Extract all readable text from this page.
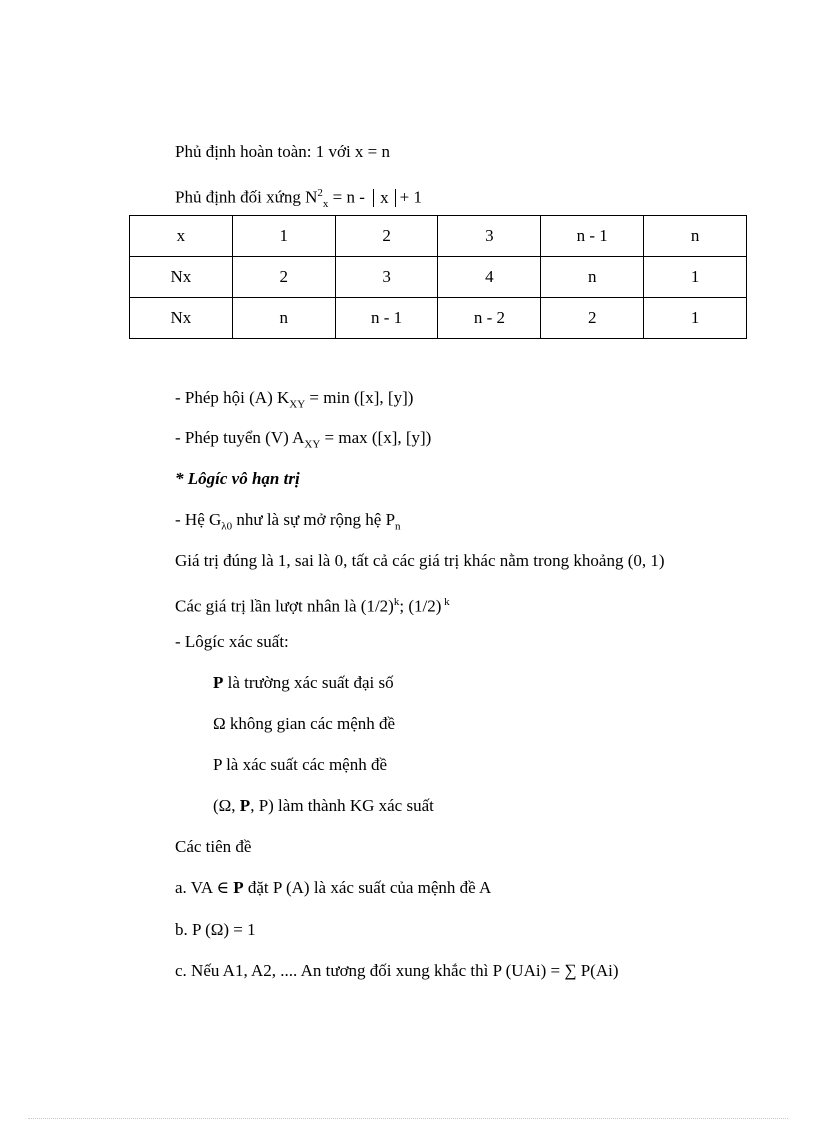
Phủ định hoàn toàn: 1 với x = n
Phủ định đối xứng $N^2_x = n - x + 1$
x	1	2	3	n - 1	n
Nx	2	3	4	n	1
Nx	n	n - 1	n - 2	2	1
- Phép hội (A) $K_{XY} = \min ([x]$, [y])
- Phép tuyển (V) $A_{XY} = \max ([x]$, [y])
* Lôgíc vô hạn trị
- Hệ $G_{\lambda 0}$ như là sự mở rộng hệ $P_n$
Giá trị đúng là 1, sai là 0, tất cả các giá trị khác nằm trong khoảng (0, 1)
Các giá trị lần lượt nhân là $(1/2)^k$; (1/2) $^k$
- Lôgíc xác suất:
P là trường xác suất đại số
Ω không gian các mệnh đề
P là xác suất các mệnh đề
(Ω, P, P) làm thành KG xác suất
Các tiên đề
a. VA ∈ P đặt P (A) là xác suất của mệnh đề A
b. P (Ω) = 1
c. Nếu A1, A2, .... An tương đối xung khắc thì P (UAi) = ∑ P(Ai)
